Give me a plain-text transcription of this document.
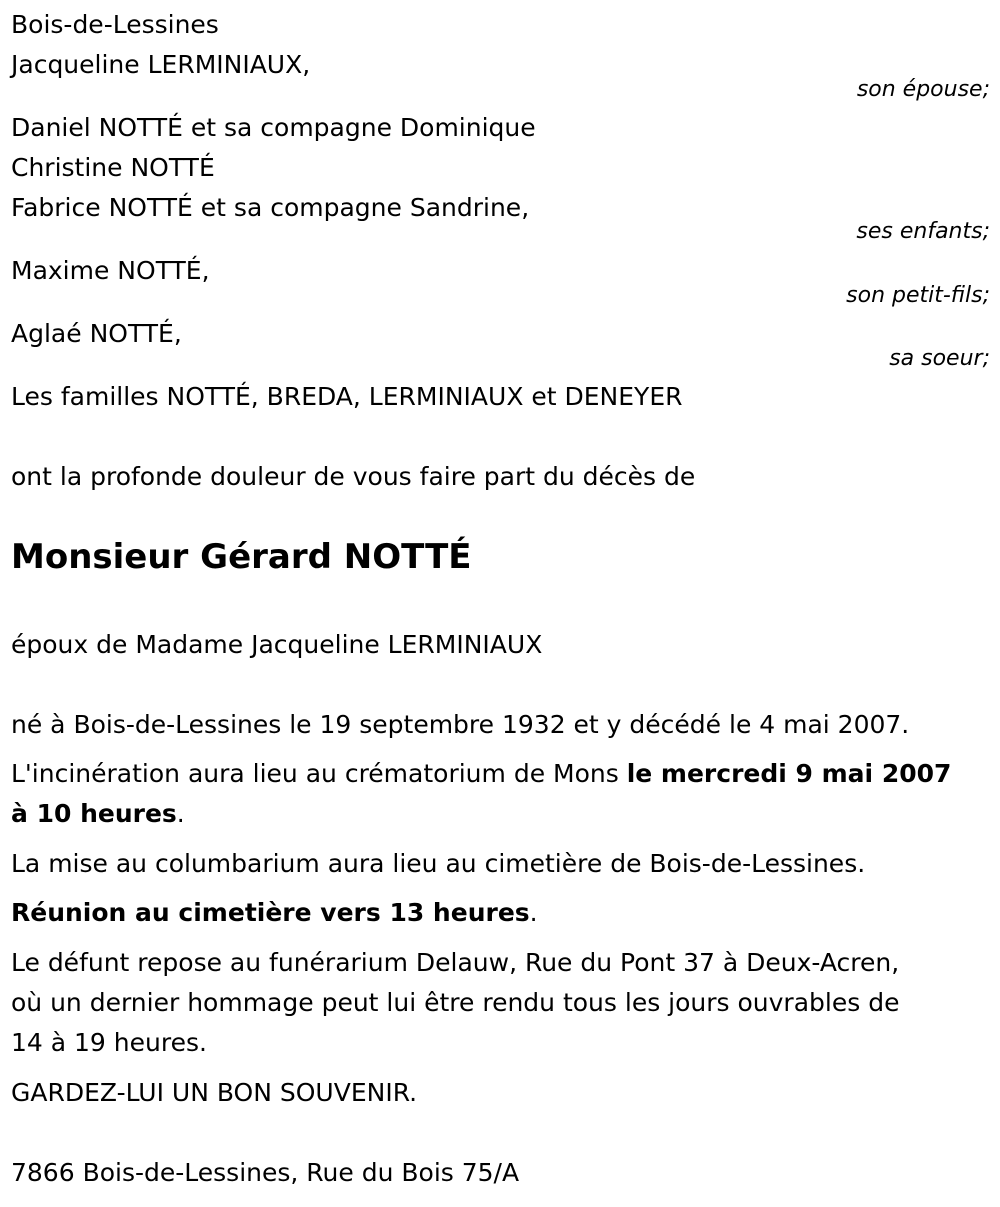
Bois-de-Lessines
Jacqueline LERMINIAUX,
son épouse;
Daniel NOTTÉ et sa compagne Dominique
Christine NOTTÉ
Fabrice NOTTÉ et sa compagne Sandrine,
ses enfants;
Maxime NOTTÉ,
son petit-fils;
Aglaé NOTTÉ,
sa soeur;
Les familles NOTTÉ, BREDA, LERMINIAUX et DENEYER
ont la profonde douleur de vous faire part du décès de
Monsieur Gérard NOTTÉ
époux de Madame Jacqueline LERMINIAUX
né à Bois-de-Lessines le 19 septembre 1932 et y décédé le 4 mai 2007.
L'incinération aura lieu au crématorium de Mons le mercredi 9 mai 2007
à 10 heures.
La mise au columbarium aura lieu au cimetière de Bois-de-Lessines.
Réunion au cimetière vers 13 heures.
Le défunt repose au funérarium Delauw, Rue du Pont 37 à Deux-Acren,
où un dernier hommage peut lui être rendu tous les jours ouvrables de
14 à 19 heures.
GARDEZ-LUI UN BON SOUVENIR.
7866 Bois-de-Lessines, Rue du Bois 75/A
